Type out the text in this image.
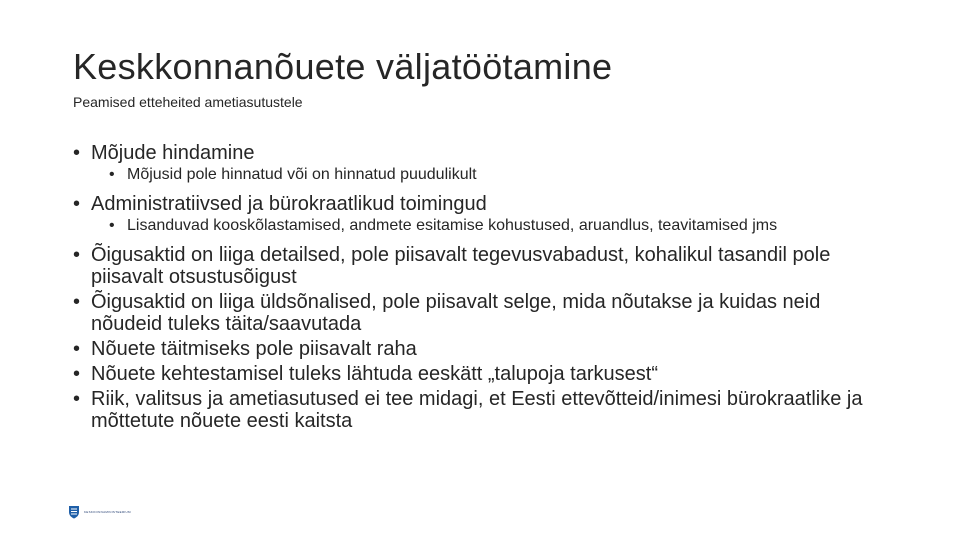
Keskkonnanõuete väljatöötamine
Peamised etteheited ametiasutustele
• Mõjude hindamine
• Mõjusid pole hinnatud või on hinnatud puudulikult
• Administratiivsed ja bürokraatlikud toimingud
• Lisanduvad kooskõlastamised, andmete esitamise kohustused, aruandlus, teavitamised jms
• Õigusaktid on liiga detailsed, pole piisavalt tegevusvabadust, kohalikul tasandil pole piisavalt otsustusõigust
• Õigusaktid on liiga üldsõnalised, pole piisavalt selge, mida nõutakse ja kuidas neid nõudeid tuleks täita/saavutada
• Nõuete täitmiseks pole piisavalt raha
• Nõuete kehtestamisel tuleks lähtuda eeskätt „talupoja tarkusest“
• Riik, valitsus ja ametiasutused ei tee midagi, et Eesti ettevõtteid/inimesi bürokraatlike ja mõttetute nõuete eesti kaitsta
KESKKONNAMINISTEERIUM
